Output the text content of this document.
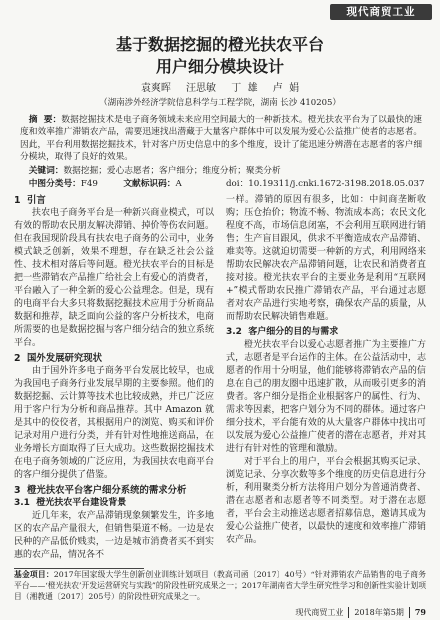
现代商贸工业
基于数据挖掘的橙光扶农平台
用户细分模块设计
袁爽晖 汪思敏 丁  雄 卢  娟
（湖南涉外经济学院信息科学与工程学院，湖南 长沙 410205）
摘  要：数据挖掘技术是电子商务领域未来应用空间最大的一种新技术。橙光扶农平台为了以最快的速度和效率推广滞销农产品，需要迅速找出潜藏于大量客户群体中可以发展为爱心公益推广使者的志愿者。因此，平台利用数据挖掘技术，针对客户历史信息中的多个维度，设计了能迅速分辨潜在志愿者的客户细分模块，取得了良好的效果。
关键词：数据挖掘；爱心志愿者；客户细分；维度分析；聚类分析
中图分类号：F49	文献标识码：A	doi：10.19311/j.cnki.1672-3198.2018.05.037
1  引言

扶农电子商务平台是一种新兴商业模式，可以有效的帮助农民朋友解决滞销、掉价等伤农问题。但在我国现阶段具有扶农电子商务的公司中，业务模式缺乏创新，效果不理想，存在缺乏社会公益性、技术相对落后等问题。橙光扶农平台的目标是把一些滞销农产品推广给社会上有爱心的消费者，平台融入了一种全新的爱心公益理念。但是，现有的电商平台大多只将数据挖掘技术应用于分析商品数据和推荐，缺乏面向公益的客户分析技术，电商所需要的也是数据挖掘与客户细分结合的独立系统平台。

2  国外发展研究现状

由于国外许多电子商务平台发展比较早，也成为我国电子商务行业发展早期的主要参照。他们的数据挖掘、云计算等技术也比较成熟，并已广泛应用于客户行为分析和商品推荐。其中 Amazon 就是其中的佼佼者，其根据用户的浏览、购买和评价记录对用户进行分类，并有针对性地推送商品，在业务增长方面取得了巨大成功。这些数据挖掘技术在电子商务领域的广泛应用，为我国扶农电商平台的客户细分提供了借鉴。

3  橙光扶农平台客户细分系统的需求分析
3.1  橙光扶农平台建设背景

近几年来，农产品滞销现象频繁发生，许多地区的农产品产量很大，但销售渠道不畅。一边是农民种的产品低价贱卖，一边是城市消费者买不到实惠的农产品，情况各不

一样。滞销的原因有很多，比如：中间商垄断收购；压仓抬价；物流不畅、物流成本高；农民文化程度不高，市场信息闭塞，不会利用互联网进行销售；生产盲目跟风，供求不平衡造成农产品滞销、难卖等。这就迫切需要一种新的方式，利用网络来帮助农民解决农产品滞销问题，让农民和消费者直接对接。橙光扶农平台的主要业务是利用“互联网+”模式帮助农民推广滞销农产品，平台通过志愿者对农产品进行实地考察，确保农产品的质量，从而帮助农民解决销售难题。

3.2  客户细分的目的与需求

橙光扶农平台以爱心志愿者推广为主要推广方式，志愿者是平台运作的主体。在公益活动中，志愿者的作用十分明显，他们能够将滞销农产品的信息在自己的朋友圈中迅速扩散，从而吸引更多的消费者。客户细分是指企业根据客户的属性、行为、需求等因素，把客户划分为不同的群体。通过客户细分技术，平台能有效的从大量客户群体中找出可以发展为爱心公益推广使者的潜在志愿者，并对其进行有针对性的管理和激励。

对于平台上的用户，平台会根据其购买记录、浏览记录、分享次数等多个维度的历史信息进行分析，利用聚类分析方法将用户划分为普通消费者、潜在志愿者和志愿者等不同类型。对于潜在志愿者，平台会主动推送志愿者招募信息，邀请其成为爱心公益推广使者，以最快的速度和效率推广滞销农产品。

基金项目：2017年国家级大学生创新创业训练计划项目（教高司函〔2017〕40号）“针对滞销农产品销售的电子商务平台——‘橙光扶农’开发运营研究与实践”的阶段性研究成果之一；2017年湖南省大学生研究性学习和创新性实验计划项目（湘教通〔2017〕205号）的阶段性研究成果之一。
现代商贸工业	2018年第5期	79
